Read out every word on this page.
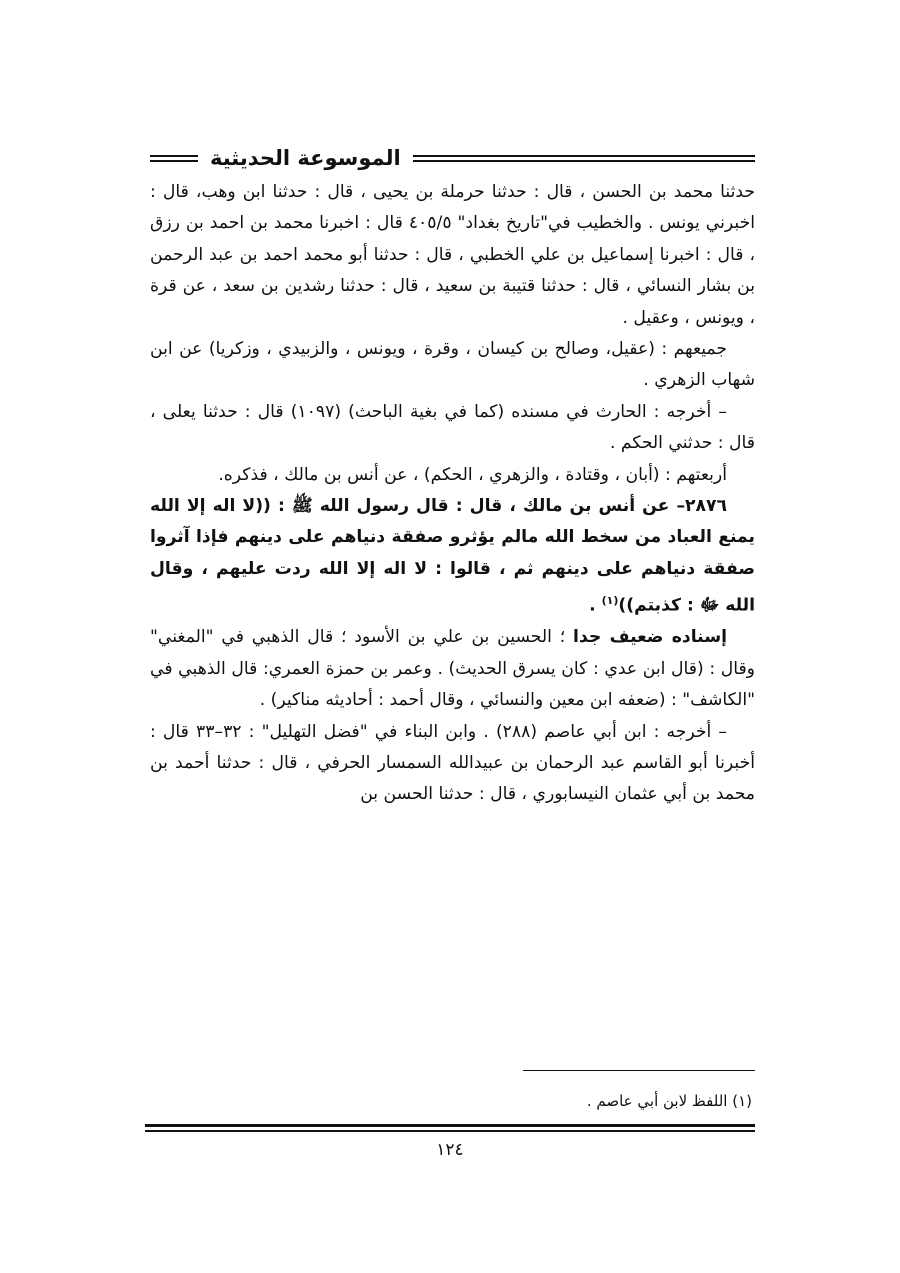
الموسوعة الحديثية

حدثنا محمد بن الحسن ، قال : حدثنا حرملة بن يحيى ، قال : حدثنا ابن وهب، قال : اخبرني يونس . والخطيب في"تاريخ بغداد" ٤٠٥/٥ قال : اخبرنا محمد بن احمد بن رزق ، قال : اخبرنا إسماعيل بن علي الخطبي ، قال : حدثنا أبو محمد احمد بن عبد الرحمن بن بشار النسائي ، قال : حدثنا قتيبة بن سعيد ، قال : حدثنا رشدين بن سعد ، عن قرة ، ويونس ، وعقيل .

جميعهم : (عقيل، وصالح بن كيسان ، وقرة ، ويونس ، والزبيدي ، وزكريا) عن ابن شهاب الزهري .

– أخرجه : الحارث في مسنده (كما في بغية الباحث) (١٠٩٧) قال : حدثنا يعلى ، قال : حدثني الحكم .

أربعتهم : (أبان ، وقتادة ، والزهري ، الحكم) ، عن أنس بن مالك ، فذكره.

٢٨٧٦– عن أنس بن مالك ، قال : قال رسول الله ﷺ : ((لا اله إلا الله يمنع العباد من سخط الله مالم يؤثرو صفقة دنياهم على دينهم فإذا آثروا صفقة دنياهم على دينهم ثم ، قالوا : لا اله إلا الله ردت عليهم ، وقال الله ﷻ : كذبتم))$^{(١)}$ .

إسناده ضعيف جدا ؛ الحسين بن علي بن الأسود ؛ قال الذهبي في "المغني" وقال : (قال ابن عدي : كان يسرق الحديث) . وعمر بن حمزة العمري: قال الذهبي في "الكاشف" : (ضعفه ابن معين والنسائي ، وقال أحمد : أحاديثه مناكير) .

– أخرجه : ابن أبي عاصم (٢٨٨) . وابن البناء في "فضل التهليل" : ٣٢–٣٣ قال : أخبرنا أبو القاسم عبد الرحمان بن عبيدالله السمسار الحرفي ، قال : حدثنا أحمد بن محمد بن أبي عثمان النيسابوري ، قال : حدثنا الحسن بن

(١) اللفظ لابن أبي عاصم .
١٢٤
